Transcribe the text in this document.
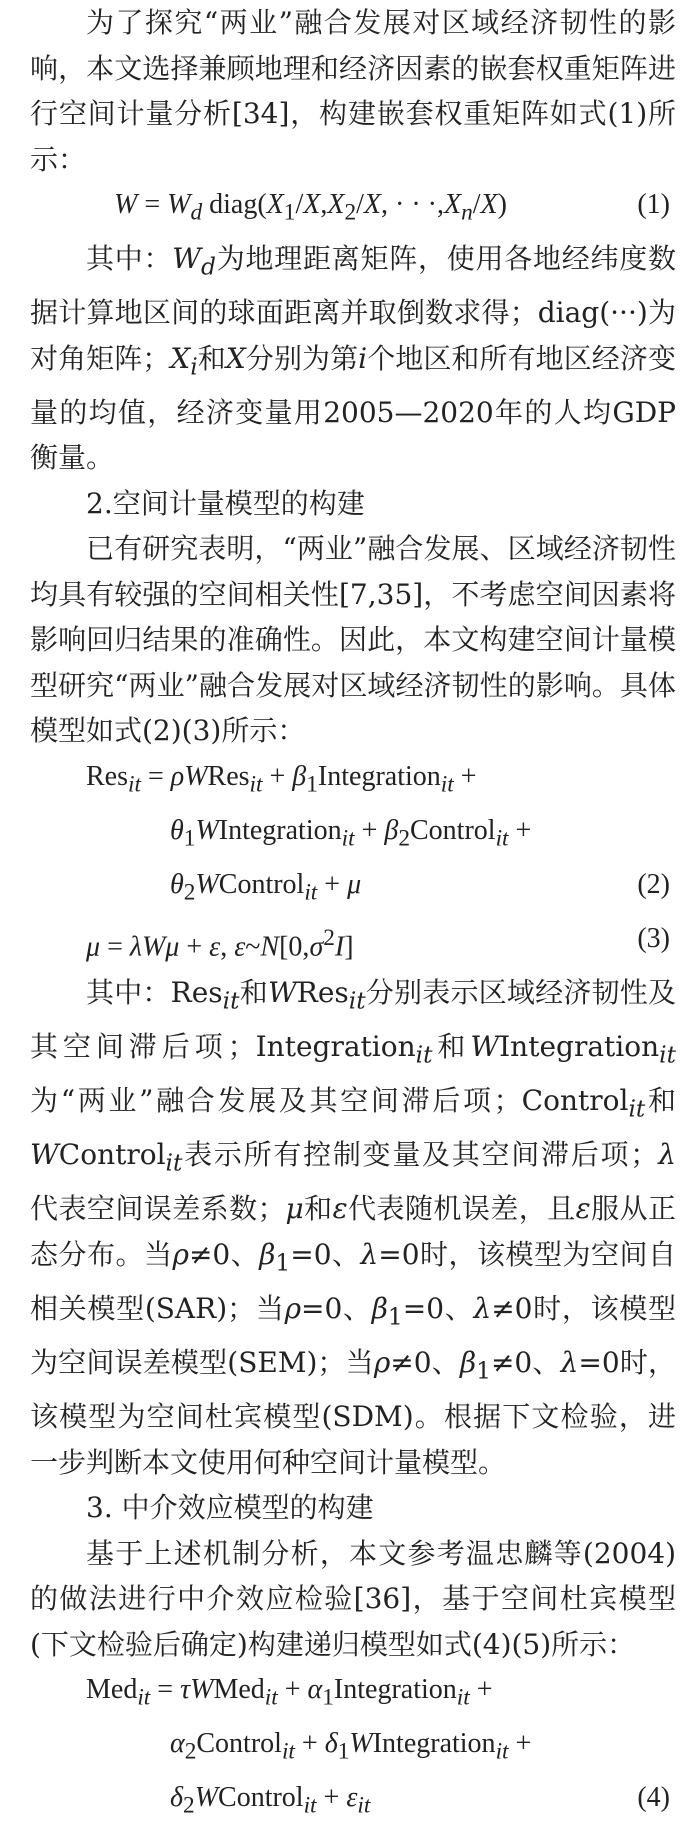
为了探究“两业”融合发展对区域经济韧性的影响，本文选择兼顾地理和经济因素的嵌套权重矩阵进行空间计量分析[34]，构建嵌套权重矩阵如式(1)所示：

$W = W_d$ $diag(X_1/X,X_2/X$, · · $\cdot,X_n/X$)	(1)

其中：$W_d$为地理距离矩阵，使用各地经纬度数据计算地区间的球面距离并取倒数求得；diag(···)为对角矩阵；$X_i$和X分别为第i个地区和所有地区经济变量的均值，经济变量用2005—2020年的人均GDP衡量。

2.空间计量模型的构建

已有研究表明，“两业”融合发展、区域经济韧性均具有较强的空间相关性[7,35]，不考虑空间因素将影响回归结果的准确性。因此，本文构建空间计量模型研究“两业”融合发展对区域经济韧性的影响。具体模型如式(2)(3)所示：

Res$_{it}$ = ρWRes$_{it}$ + $\beta_1Integration_{it}$ +
$\theta_1WIntegration_{it}$ + $\beta_2Control_{it}$ +
$\theta_2WControl_{it} + \mu$	(2)
μ = λWμ + ε, $\varepsilon\sim N[0,\sigma^2I]$	(3)

其中：Res$_{it}$和WRes$_{it}$分别表示区域经济韧性及其空间滞后项；Integration$_{it}$和WIntegration$_{it}$为“两业”融合发展及其空间滞后项；Control$_{it}$和WControl$_{it}$表示所有控制变量及其空间滞后项；λ代表空间误差系数；μ和ε代表随机误差，且ε服从正态分布。当ρ≠0、$\beta_1=0$、λ=0时，该模型为空间自相关模型(SAR)；当ρ=0、$\beta_1=0$、λ≠0时，该模型为空间误差模型(SEM)；当ρ≠0、$\beta_1\ne 0$、λ=0时，该模型为空间杜宾模型(SDM)。根据下文检验，进一步判断本文使用何种空间计量模型。

3. 中介效应模型的构建

基于上述机制分析，本文参考温忠麟等(2004)的做法进行中介效应检验[36]，基于空间杜宾模型(下文检验后确定)构建递归模型如式(4)(5)所示：

Med$_{it}$ = τWMed$_{it}$ + $\alpha_1Integration_{it}$ +
$\alpha_2Control_{it}$ + $\delta_1WIntegration_{it}$ +
$\delta_2WControl_{it} + \varepsilon_{it}$	(4)
